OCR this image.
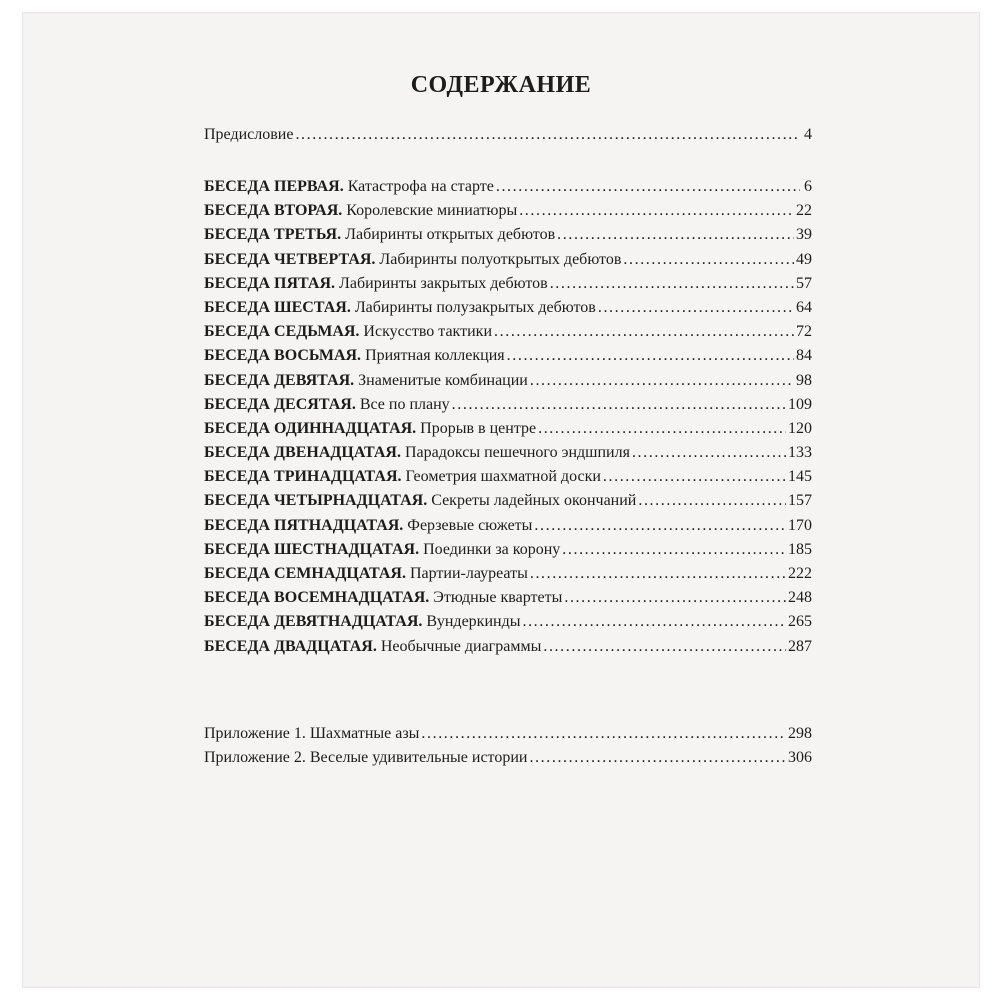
СОДЕРЖАНИЕ
Предисловие . . .	4
БЕСЕДА ПЕРВАЯ. Катастрофа на старте . . .	6
БЕСЕДА ВТОРАЯ. Королевские миниатюры . . .	22
БЕСЕДА ТРЕТЬЯ. Лабиринты открытых дебютов . . .	39
БЕСЕДА ЧЕТВЕРТАЯ. Лабиринты полуоткрытых дебютов . . .	49
БЕСЕДА ПЯТАЯ. Лабиринты закрытых дебютов . . .	57
БЕСЕДА ШЕСТАЯ. Лабиринты полузакрытых дебютов . . .	64
БЕСЕДА СЕДЬМАЯ. Искусство тактики . . .	72
БЕСЕДА ВОСЬМАЯ. Приятная коллекция . . .	84
БЕСЕДА ДЕВЯТАЯ. Знаменитые комбинации . . .	98
БЕСЕДА ДЕСЯТАЯ. Все по плану . . .	109
БЕСЕДА ОДИННАДЦАТАЯ. Прорыв в центре . . .	120
БЕСЕДА ДВЕНАДЦАТАЯ. Парадоксы пешечного эндшпиля . . .	133
БЕСЕДА ТРИНАДЦАТАЯ. Геометрия шахматной доски . . .	145
БЕСЕДА ЧЕТЫРНАДЦАТАЯ. Секреты ладейных окончаний . . .	157
БЕСЕДА ПЯТНАДЦАТАЯ. Ферзевые сюжеты . . .	170
БЕСЕДА ШЕСТНАДЦАТАЯ. Поединки за корону . . .	185
БЕСЕДА СЕМНАДЦАТАЯ. Партии-лауреаты . . .	222
БЕСЕДА ВОСЕМНАДЦАТАЯ. Этюдные квартеты . . .	248
БЕСЕДА ДЕВЯТНАДЦАТАЯ. Вундеркинды . . .	265
БЕСЕДА ДВАДЦАТАЯ. Необычные диаграммы . . .	287
Приложение 1. Шахматные азы . . .	298
Приложение 2. Веселые удивительные истории . . .	306
